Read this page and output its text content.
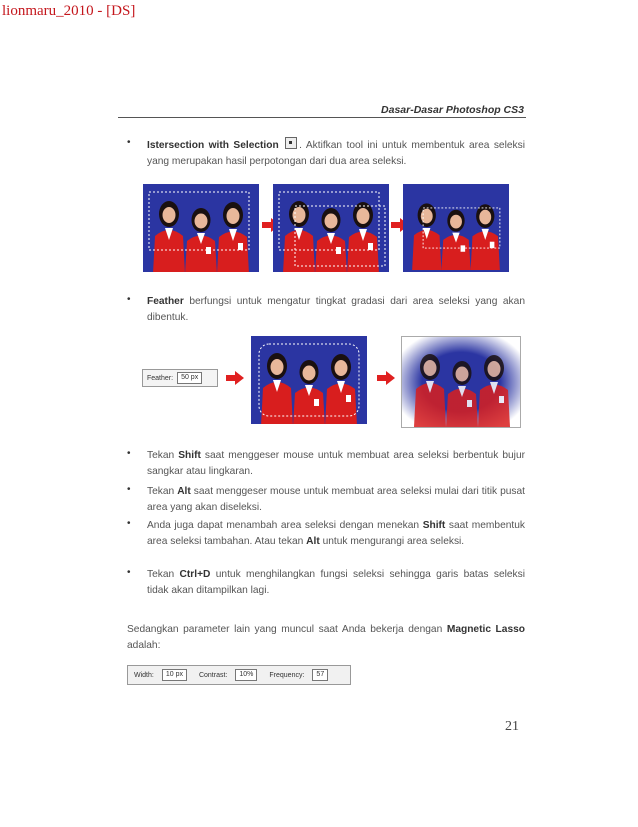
lionmaru_2010 - [DS]
Dasar-Dasar Photoshop CS3
• Istersection with Selection . Aktifkan tool ini untuk membentuk area seleksi yang merupakan hasil perpotongan dari dua area seleksi.
• Feather berfungsi untuk mengatur tingkat gradasi dari area seleksi yang akan dibentuk.
Feather:	50 px
• Tekan Shift saat menggeser mouse untuk membuat area seleksi berbentuk bujur sangkar atau lingkaran.
• Tekan Alt saat menggeser mouse untuk membuat area seleksi mulai dari titik pusat area yang akan diseleksi.
• Anda juga dapat menambah area seleksi dengan menekan Shift saat membentuk area seleksi tambahan. Atau tekan Alt untuk mengurangi area seleksi.
• Tekan Ctrl+D untuk menghilangkan fungsi seleksi sehingga garis batas seleksi tidak akan ditampilkan lagi.
Sedangkan parameter lain yang muncul saat Anda bekerja dengan Magnetic Lasso adalah:
Width:	10 px	Contrast:	10%	Frequency:	57
21
